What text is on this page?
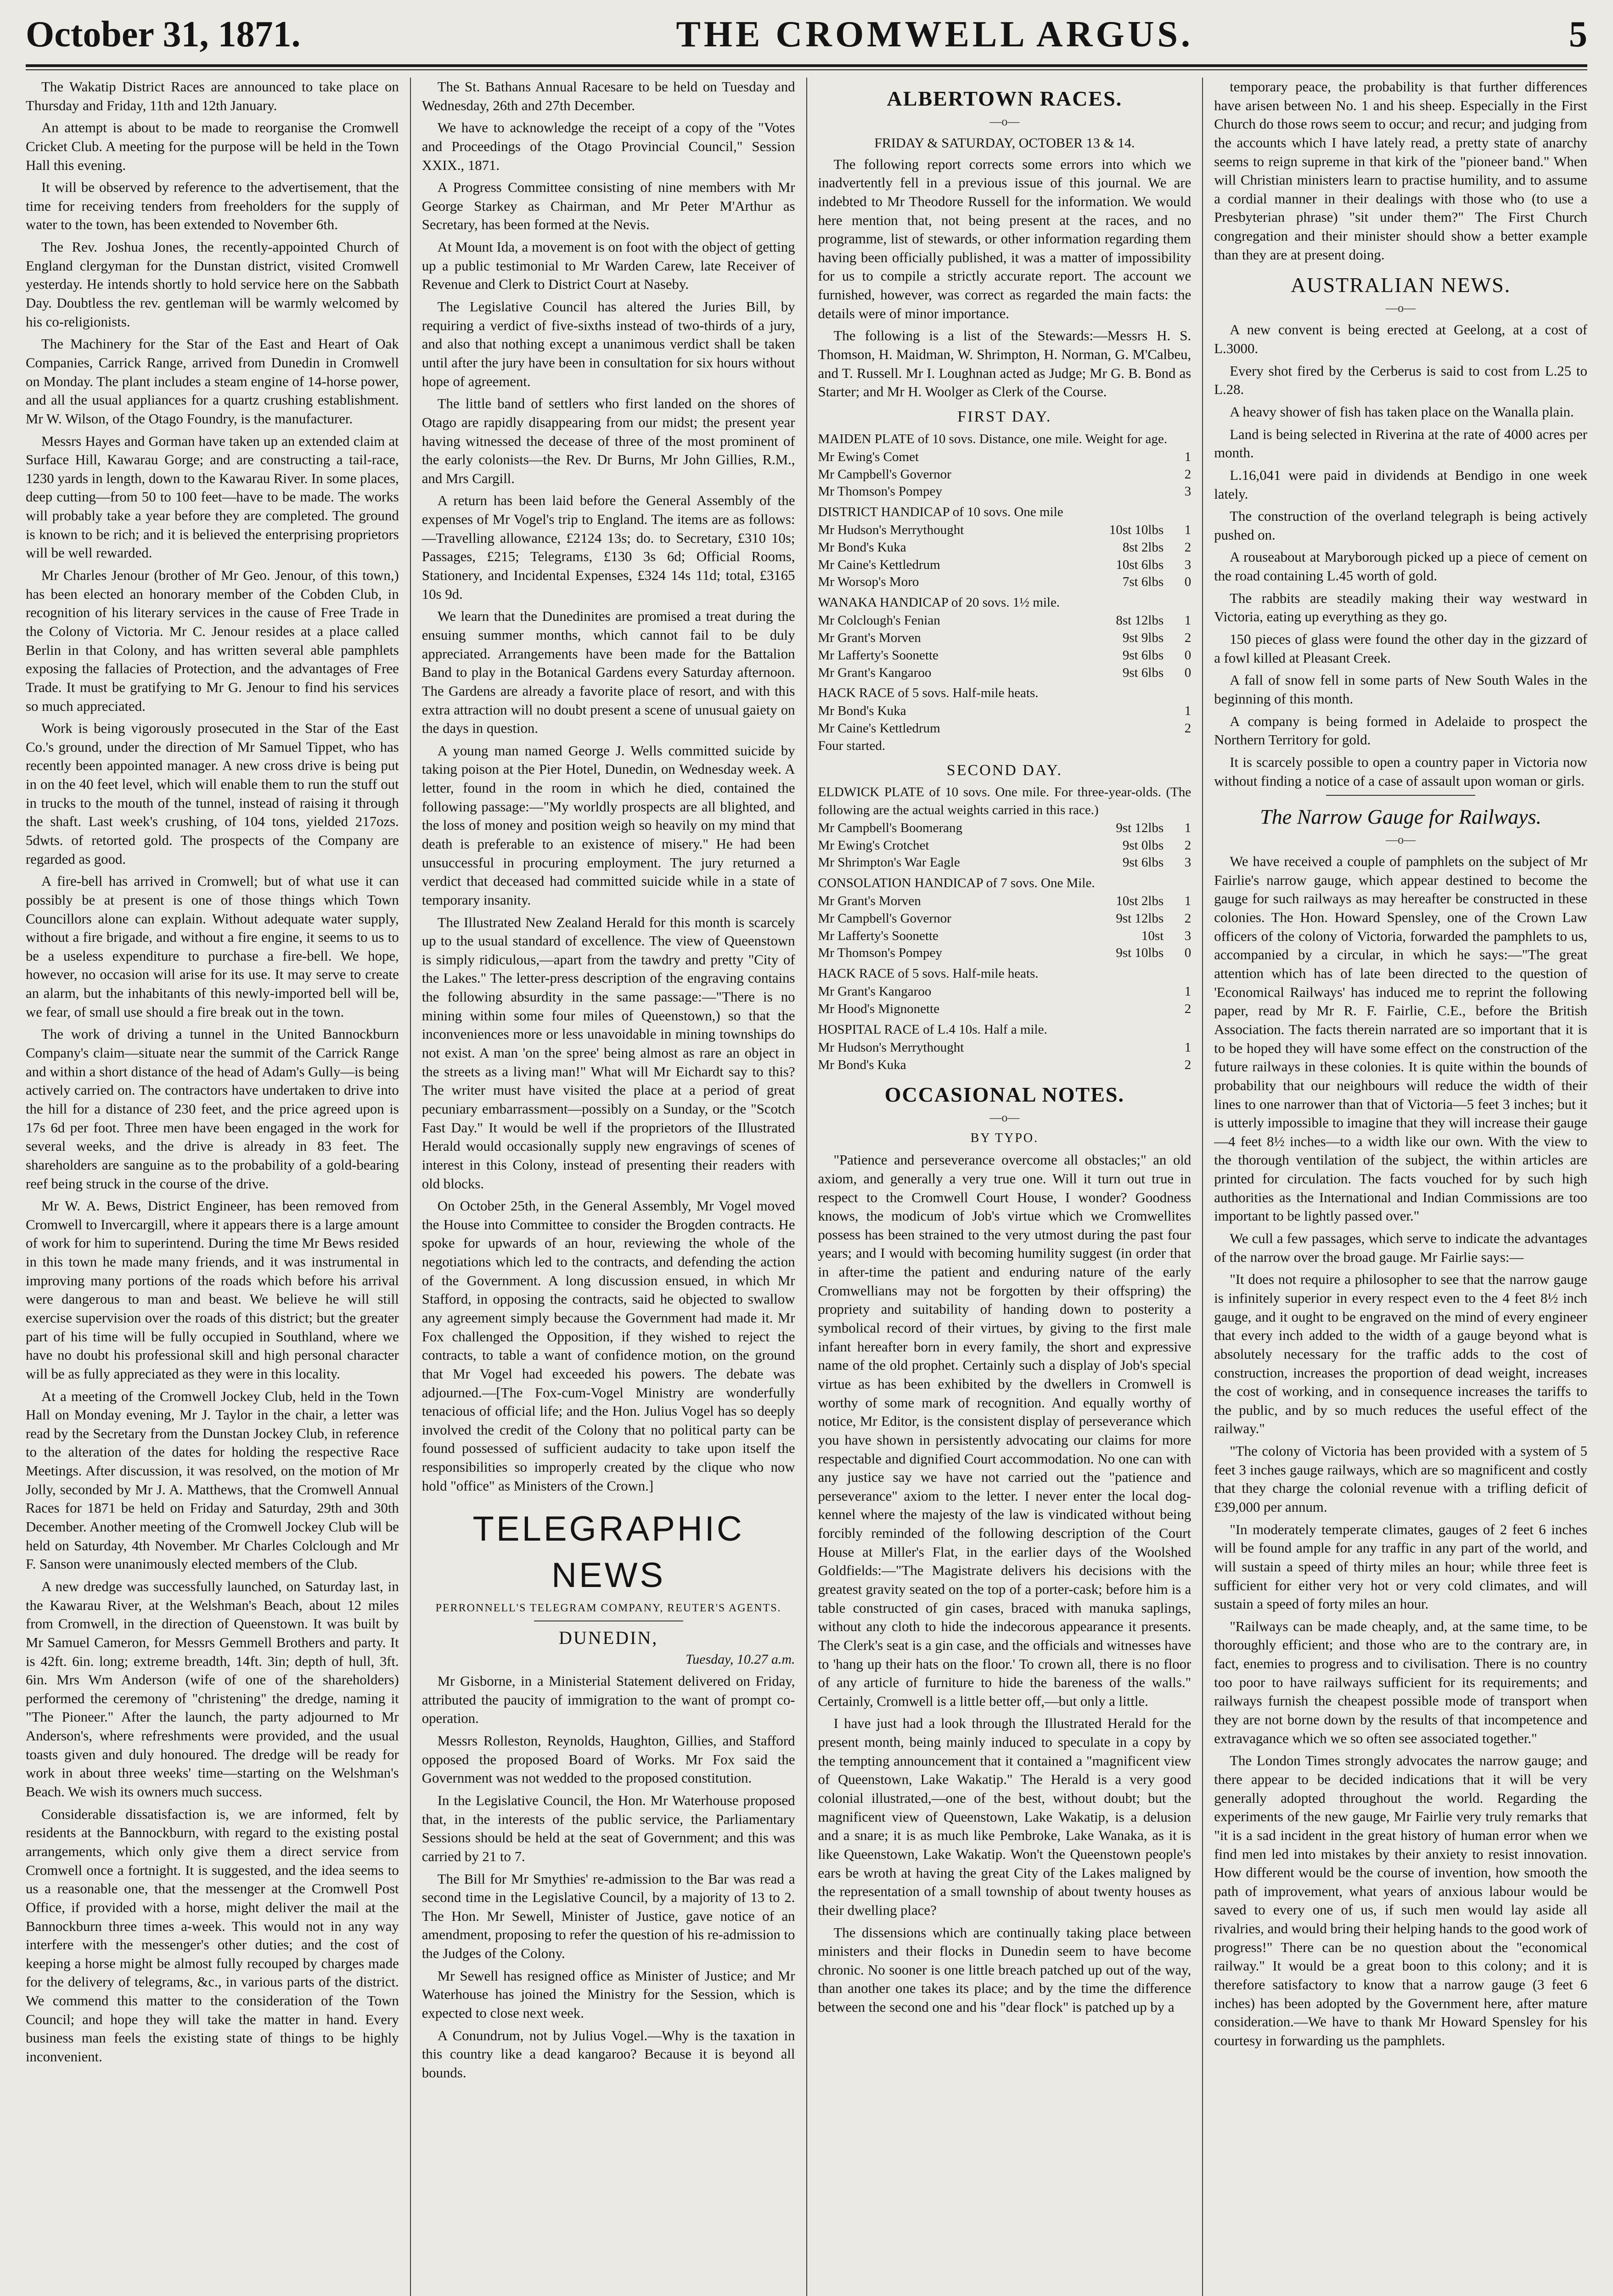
October 31, 1871.	THE CROMWELL ARGUS.	5

The Wakatip District Races are announced to take place on Thursday and Friday, 11th and 12th January.

An attempt is about to be made to reorganise the Cromwell Cricket Club. A meeting for the purpose will be held in the Town Hall this evening.

It will be observed by reference to the advertisement, that the time for receiving tenders from freeholders for the supply of water to the town, has been extended to November 6th.

The Rev. Joshua Jones, the recently-appointed Church of England clergyman for the Dunstan district, visited Cromwell yesterday. He intends shortly to hold service here on the Sabbath Day. Doubtless the rev. gentleman will be warmly welcomed by his co-religionists.

The Machinery for the Star of the East and Heart of Oak Companies, Carrick Range, arrived from Dunedin in Cromwell on Monday. The plant includes a steam engine of 14-horse power, and all the usual appliances for a quartz crushing establishment. Mr W. Wilson, of the Otago Foundry, is the manufacturer.

Messrs Hayes and Gorman have taken up an extended claim at Surface Hill, Kawarau Gorge; and are constructing a tail-race, 1230 yards in length, down to the Kawarau River. In some places, deep cutting—from 50 to 100 feet—have to be made. The works will probably take a year before they are completed. The ground is known to be rich; and it is believed the enterprising proprietors will be well rewarded.

Mr Charles Jenour (brother of Mr Geo. Jenour, of this town,) has been elected an honorary member of the Cobden Club, in recognition of his literary services in the cause of Free Trade in the Colony of Victoria. Mr C. Jenour resides at a place called Berlin in that Colony, and has written several able pamphlets exposing the fallacies of Protection, and the advantages of Free Trade. It must be gratifying to Mr G. Jenour to find his services so much appreciated.

Work is being vigorously prosecuted in the Star of the East Co.'s ground, under the direction of Mr Samuel Tippet, who has recently been appointed manager. A new cross drive is being put in on the 40 feet level, which will enable them to run the stuff out in trucks to the mouth of the tunnel, instead of raising it through the shaft. Last week's crushing, of 104 tons, yielded 217ozs. 5dwts. of retorted gold. The prospects of the Company are regarded as good.

A fire-bell has arrived in Cromwell; but of what use it can possibly be at present is one of those things which Town Councillors alone can explain. Without adequate water supply, without a fire brigade, and without a fire engine, it seems to us to be a useless expenditure to purchase a fire-bell. We hope, however, no occasion will arise for its use. It may serve to create an alarm, but the inhabitants of this newly-imported bell will be, we fear, of small use should a fire break out in the town.

The work of driving a tunnel in the United Bannockburn Company's claim—situate near the summit of the Carrick Range and within a short distance of the head of Adam's Gully—is being actively carried on. The contractors have undertaken to drive into the hill for a distance of 230 feet, and the price agreed upon is 17s 6d per foot. Three men have been engaged in the work for several weeks, and the drive is already in 83 feet. The shareholders are sanguine as to the probability of a gold-bearing reef being struck in the course of the drive.

Mr W. A. Bews, District Engineer, has been removed from Cromwell to Invercargill, where it appears there is a large amount of work for him to superintend. During the time Mr Bews resided in this town he made many friends, and it was instrumental in improving many portions of the roads which before his arrival were dangerous to man and beast. We believe he will still exercise supervision over the roads of this district; but the greater part of his time will be fully occupied in Southland, where we have no doubt his professional skill and high personal character will be as fully appreciated as they were in this locality.

At a meeting of the Cromwell Jockey Club, held in the Town Hall on Monday evening, Mr J. Taylor in the chair, a letter was read by the Secretary from the Dunstan Jockey Club, in reference to the alteration of the dates for holding the respective Race Meetings. After discussion, it was resolved, on the motion of Mr Jolly, seconded by Mr J. A. Matthews, that the Cromwell Annual Races for 1871 be held on Friday and Saturday, 29th and 30th December. Another meeting of the Cromwell Jockey Club will be held on Saturday, 4th November. Mr Charles Colclough and Mr F. Sanson were unanimously elected members of the Club.

A new dredge was successfully launched, on Saturday last, in the Kawarau River, at the Welshman's Beach, about 12 miles from Cromwell, in the direction of Queenstown. It was built by Mr Samuel Cameron, for Messrs Gemmell Brothers and party. It is 42ft. 6in. long; extreme breadth, 14ft. 3in; depth of hull, 3ft. 6in. Mrs Wm Anderson (wife of one of the shareholders) performed the ceremony of "christening" the dredge, naming it "The Pioneer." After the launch, the party adjourned to Mr Anderson's, where refreshments were provided, and the usual toasts given and duly honoured. The dredge will be ready for work in about three weeks' time—starting on the Welshman's Beach. We wish its owners much success.

Considerable dissatisfaction is, we are informed, felt by residents at the Bannockburn, with regard to the existing postal arrangements, which only give them a direct service from Cromwell once a fortnight. It is suggested, and the idea seems to us a reasonable one, that the messenger at the Cromwell Post Office, if provided with a horse, might deliver the mail at the Bannockburn three times a-week. This would not in any way interfere with the messenger's other duties; and the cost of keeping a horse might be almost fully recouped by charges made for the delivery of telegrams, &c., in various parts of the district. We commend this matter to the consideration of the Town Council; and hope they will take the matter in hand. Every business man feels the existing state of things to be highly inconvenient.

The St. Bathans Annual Racesare to be held on Tuesday and Wednesday, 26th and 27th December.

We have to acknowledge the receipt of a copy of the "Votes and Proceedings of the Otago Provincial Council," Session XXIX., 1871.

A Progress Committee consisting of nine members with Mr George Starkey as Chairman, and Mr Peter M'Arthur as Secretary, has been formed at the Nevis.

At Mount Ida, a movement is on foot with the object of getting up a public testimonial to Mr Warden Carew, late Receiver of Revenue and Clerk to District Court at Naseby.

The Legislative Council has altered the Juries Bill, by requiring a verdict of five-sixths instead of two-thirds of a jury, and also that nothing except a unanimous verdict shall be taken until after the jury have been in consultation for six hours without hope of agreement.

The little band of settlers who first landed on the shores of Otago are rapidly disappearing from our midst; the present year having witnessed the decease of three of the most prominent of the early colonists—the Rev. Dr Burns, Mr John Gillies, R.M., and Mrs Cargill.

A return has been laid before the General Assembly of the expenses of Mr Vogel's trip to England. The items are as follows:—Travelling allowance, £2124 13s; do. to Secretary, £310 10s; Passages, £215; Telegrams, £130 3s 6d; Official Rooms, Stationery, and Incidental Expenses, £324 14s 11d; total, £3165 10s 9d.

We learn that the Dunedinites are promised a treat during the ensuing summer months, which cannot fail to be duly appreciated. Arrangements have been made for the Battalion Band to play in the Botanical Gardens every Saturday afternoon. The Gardens are already a favorite place of resort, and with this extra attraction will no doubt present a scene of unusual gaiety on the days in question.

A young man named George J. Wells committed suicide by taking poison at the Pier Hotel, Dunedin, on Wednesday week. A letter, found in the room in which he died, contained the following passage:—"My worldly prospects are all blighted, and the loss of money and position weigh so heavily on my mind that death is preferable to an existence of misery." He had been unsuccessful in procuring employment. The jury returned a verdict that deceased had committed suicide while in a state of temporary insanity.

The Illustrated New Zealand Herald for this month is scarcely up to the usual standard of excellence. The view of Queenstown is simply ridiculous,—apart from the tawdry and pretty "City of the Lakes." The letter-press description of the engraving contains the following absurdity in the same passage:—"There is no mining within some four miles of Queenstown,) so that the inconveniences more or less unavoidable in mining townships do not exist. A man 'on the spree' being almost as rare an object in the streets as a living man!" What will Mr Eichardt say to this? The writer must have visited the place at a period of great pecuniary embarrassment—possibly on a Sunday, or the "Scotch Fast Day." It would be well if the proprietors of the Illustrated Herald would occasionally supply new engravings of scenes of interest in this Colony, instead of presenting their readers with old blocks.

On October 25th, in the General Assembly, Mr Vogel moved the House into Committee to consider the Brogden contracts. He spoke for upwards of an hour, reviewing the whole of the negotiations which led to the contracts, and defending the action of the Government. A long discussion ensued, in which Mr Stafford, in opposing the contracts, said he objected to swallow any agreement simply because the Government had made it. Mr Fox challenged the Opposition, if they wished to reject the contracts, to table a want of confidence motion, on the ground that Mr Vogel had exceeded his powers. The debate was adjourned.—[The Fox-cum-Vogel Ministry are wonderfully tenacious of official life; and the Hon. Julius Vogel has so deeply involved the credit of the Colony that no political party can be found possessed of sufficient audacity to take upon itself the responsibilities so improperly created by the clique who now hold "office" as Ministers of the Crown.]

TELEGRAPHIC NEWS
PERRONNELL'S TELEGRAM COMPANY, REUTER'S AGENTS.
DUNEDIN,
Tuesday, 10.27 a.m.

Mr Gisborne, in a Ministerial Statement delivered on Friday, attributed the paucity of immigration to the want of prompt co-operation.

Messrs Rolleston, Reynolds, Haughton, Gillies, and Stafford opposed the proposed Board of Works. Mr Fox said the Government was not wedded to the proposed constitution.

In the Legislative Council, the Hon. Mr Waterhouse proposed that, in the interests of the public service, the Parliamentary Sessions should be held at the seat of Government; and this was carried by 21 to 7.

The Bill for Mr Smythies' re-admission to the Bar was read a second time in the Legislative Council, by a majority of 13 to 2. The Hon. Mr Sewell, Minister of Justice, gave notice of an amendment, proposing to refer the question of his re-admission to the Judges of the Colony.

Mr Sewell has resigned office as Minister of Justice; and Mr Waterhouse has joined the Ministry for the Session, which is expected to close next week.

A Conundrum, not by Julius Vogel.—Why is the taxation in this country like a dead kangaroo? Because it is beyond all bounds.

ALBERTOWN RACES.
—o—
FRIDAY & SATURDAY, OCTOBER 13 & 14.

The following report corrects some errors into which we inadvertently fell in a previous issue of this journal. We are indebted to Mr Theodore Russell for the information. We would here mention that, not being present at the races, and no programme, list of stewards, or other information regarding them having been officially published, it was a matter of impossibility for us to compile a strictly accurate report. The account we furnished, however, was correct as regarded the main facts: the details were of minor importance.

The following is a list of the Stewards:—Messrs H. S. Thomson, H. Maidman, W. Shrimpton, H. Norman, G. M'Calbeu, and T. Russell. Mr I. Loughnan acted as Judge; Mr G. B. Bond as Starter; and Mr H. Woolger as Clerk of the Course.

FIRST DAY.
MAIDEN PLATE of 10 sovs. Distance, one mile. Weight for age.
Mr Ewing's Comet	1
Mr Campbell's Governor	2
Mr Thomson's Pompey	3
DISTRICT HANDICAP of 10 sovs. One mile
Mr Hudson's Merrythought	10st 10lbs	1
Mr Bond's Kuka	8st 2lbs	2
Mr Caine's Kettledrum	10st 6lbs	3
Mr Worsop's Moro	7st 6lbs	0
WANAKA HANDICAP of 20 sovs. 1½ mile.
Mr Colclough's Fenian	8st 12lbs	1
Mr Grant's Morven	9st 9lbs	2
Mr Lafferty's Soonette	9st 6lbs	0
Mr Grant's Kangaroo	9st 6lbs	0
HACK RACE of 5 sovs. Half-mile heats.
Mr Bond's Kuka	1
Mr Caine's Kettledrum	2
Four started.
SECOND DAY.
ELDWICK PLATE of 10 sovs. One mile. For three-year-olds. (The following are the actual weights carried in this race.)
Mr Campbell's Boomerang	9st 12lbs	1
Mr Ewing's Crotchet	9st 0lbs	2
Mr Shrimpton's War Eagle	9st 6lbs	3
CONSOLATION HANDICAP of 7 sovs. One Mile.
Mr Grant's Morven	10st 2lbs	1
Mr Campbell's Governor	9st 12lbs	2
Mr Lafferty's Soonette	10st	3
Mr Thomson's Pompey	9st 10lbs	0
HACK RACE of 5 sovs. Half-mile heats.
Mr Grant's Kangaroo	1
Mr Hood's Mignonette	2
HOSPITAL RACE of L.4 10s. Half a mile.
Mr Hudson's Merrythought	1
Mr Bond's Kuka	2
OCCASIONAL NOTES.
—o—
BY TYPO.

"Patience and perseverance overcome all obstacles;" an old axiom, and generally a very true one. Will it turn out true in respect to the Cromwell Court House, I wonder? Goodness knows, the modicum of Job's virtue which we Cromwellites possess has been strained to the very utmost during the past four years; and I would with becoming humility suggest (in order that in after-time the patient and enduring nature of the early Cromwellians may not be forgotten by their offspring) the propriety and suitability of handing down to posterity a symbolical record of their virtues, by giving to the first male infant hereafter born in every family, the short and expressive name of the old prophet. Certainly such a display of Job's special virtue as has been exhibited by the dwellers in Cromwell is worthy of some mark of recognition. And equally worthy of notice, Mr Editor, is the consistent display of perseverance which you have shown in persistently advocating our claims for more respectable and dignified Court accommodation. No one can with any justice say we have not carried out the "patience and perseverance" axiom to the letter. I never enter the local dog-kennel where the majesty of the law is vindicated without being forcibly reminded of the following description of the Court House at Miller's Flat, in the earlier days of the Woolshed Goldfields:—"The Magistrate delivers his decisions with the greatest gravity seated on the top of a porter-cask; before him is a table constructed of gin cases, braced with manuka saplings, without any cloth to hide the indecorous appearance it presents. The Clerk's seat is a gin case, and the officials and witnesses have to 'hang up their hats on the floor.' To crown all, there is no floor of any article of furniture to hide the bareness of the walls." Certainly, Cromwell is a little better off,—but only a little.

I have just had a look through the Illustrated Herald for the present month, being mainly induced to speculate in a copy by the tempting announcement that it contained a "magnificent view of Queenstown, Lake Wakatip." The Herald is a very good colonial illustrated,—one of the best, without doubt; but the magnificent view of Queenstown, Lake Wakatip, is a delusion and a snare; it is as much like Pembroke, Lake Wanaka, as it is like Queenstown, Lake Wakatip. Won't the Queenstown people's ears be wroth at having the great City of the Lakes maligned by the representation of a small township of about twenty houses as their dwelling place?

The dissensions which are continually taking place between ministers and their flocks in Dunedin seem to have become chronic. No sooner is one little breach patched up out of the way, than another one takes its place; and by the time the difference between the second one and his "dear flock" is patched up by a

temporary peace, the probability is that further differences have arisen between No. 1 and his sheep. Especially in the First Church do those rows seem to occur; and recur; and judging from the accounts which I have lately read, a pretty state of anarchy seems to reign supreme in that kirk of the "pioneer band." When will Christian ministers learn to practise humility, and to assume a cordial manner in their dealings with those who (to use a Presbyterian phrase) "sit under them?" The First Church congregation and their minister should show a better example than they are at present doing.

AUSTRALIAN NEWS.
—o—

A new convent is being erected at Geelong, at a cost of L.3000.

Every shot fired by the Cerberus is said to cost from L.25 to L.28.

A heavy shower of fish has taken place on the Wanalla plain.

Land is being selected in Riverina at the rate of 4000 acres per month.

L.16,041 were paid in dividends at Bendigo in one week lately.

The construction of the overland telegraph is being actively pushed on.

A rouseabout at Maryborough picked up a piece of cement on the road containing L.45 worth of gold.

The rabbits are steadily making their way westward in Victoria, eating up everything as they go.

150 pieces of glass were found the other day in the gizzard of a fowl killed at Pleasant Creek.

A fall of snow fell in some parts of New South Wales in the beginning of this month.

A company is being formed in Adelaide to prospect the Northern Territory for gold.

It is scarcely possible to open a country paper in Victoria now without finding a notice of a case of assault upon woman or girls.

The Narrow Gauge for Railways.
—o—

We have received a couple of pamphlets on the subject of Mr Fairlie's narrow gauge, which appear destined to become the gauge for such railways as may hereafter be constructed in these colonies. The Hon. Howard Spensley, one of the Crown Law officers of the colony of Victoria, forwarded the pamphlets to us, accompanied by a circular, in which he says:—"The great attention which has of late been directed to the question of 'Economical Railways' has induced me to reprint the following paper, read by Mr R. F. Fairlie, C.E., before the British Association. The facts therein narrated are so important that it is to be hoped they will have some effect on the construction of the future railways in these colonies. It is quite within the bounds of probability that our neighbours will reduce the width of their lines to one narrower than that of Victoria—5 feet 3 inches; but it is utterly impossible to imagine that they will increase their gauge—4 feet 8½ inches—to a width like our own. With the view to the thorough ventilation of the subject, the within articles are printed for circulation. The facts vouched for by such high authorities as the International and Indian Commissions are too important to be lightly passed over."

We cull a few passages, which serve to indicate the advantages of the narrow over the broad gauge. Mr Fairlie says:—

"It does not require a philosopher to see that the narrow gauge is infinitely superior in every respect even to the 4 feet 8½ inch gauge, and it ought to be engraved on the mind of every engineer that every inch added to the width of a gauge beyond what is absolutely necessary for the traffic adds to the cost of construction, increases the proportion of dead weight, increases the cost of working, and in consequence increases the tariffs to the public, and by so much reduces the useful effect of the railway."

"The colony of Victoria has been provided with a system of 5 feet 3 inches gauge railways, which are so magnificent and costly that they charge the colonial revenue with a trifling deficit of £39,000 per annum.

"In moderately temperate climates, gauges of 2 feet 6 inches will be found ample for any traffic in any part of the world, and will sustain a speed of thirty miles an hour; while three feet is sufficient for either very hot or very cold climates, and will sustain a speed of forty miles an hour.

"Railways can be made cheaply, and, at the same time, to be thoroughly efficient; and those who are to the contrary are, in fact, enemies to progress and to civilisation. There is no country too poor to have railways sufficient for its requirements; and railways furnish the cheapest possible mode of transport when they are not borne down by the results of that incompetence and extravagance which we so often see associated together."

The London Times strongly advocates the narrow gauge; and there appear to be decided indications that it will be very generally adopted throughout the world. Regarding the experiments of the new gauge, Mr Fairlie very truly remarks that "it is a sad incident in the great history of human error when we find men led into mistakes by their anxiety to resist innovation. How different would be the course of invention, how smooth the path of improvement, what years of anxious labour would be saved to every one of us, if such men would lay aside all rivalries, and would bring their helping hands to the good work of progress!" There can be no question about the "economical railway." It would be a great boon to this colony; and it is therefore satisfactory to know that a narrow gauge (3 feet 6 inches) has been adopted by the Government here, after mature consideration.—We have to thank Mr Howard Spensley for his courtesy in forwarding us the pamphlets.
